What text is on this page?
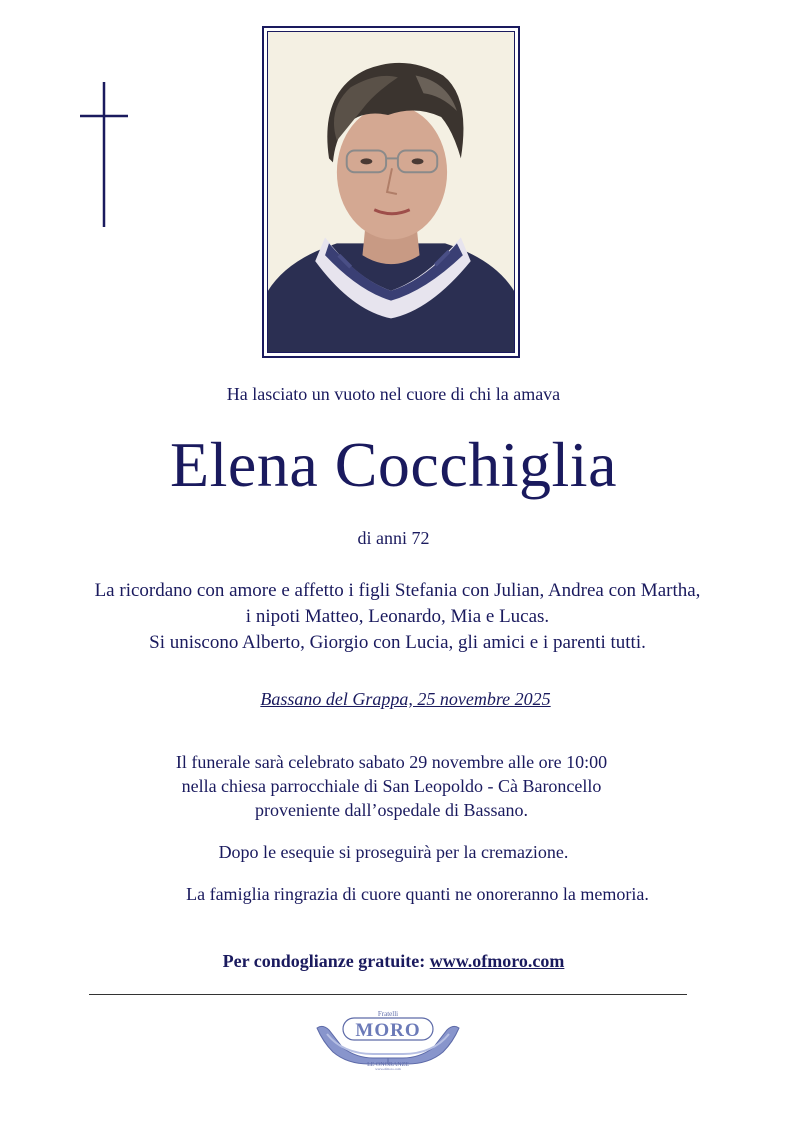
Ha lasciato un vuoto nel cuore di chi la amava

Elena Cocchiglia

di anni 72

La ricordano con amore e affetto i figli Stefania con Julian, Andrea con Martha,
i nipoti Matteo, Leonardo, Mia e Lucas.
Si uniscono Alberto, Giorgio con Lucia, gli amici e i parenti tutti.

Bassano del Grappa, 25 novembre 2025

Il funerale sarà celebrato sabato 29 novembre alle ore 10:00
nella chiesa parrocchiale di San Leopoldo - Cà Baroncello
proveniente dall’ospedale di Bassano.

Dopo le esequie si proseguirà per la cremazione.

La famiglia ringrazia di cuore quanti ne onoreranno la memoria.

Per condoglianze gratuite: www.ofmoro.com

Fratelli
MORO
LE ONORANZE
www.ofmoro.com
